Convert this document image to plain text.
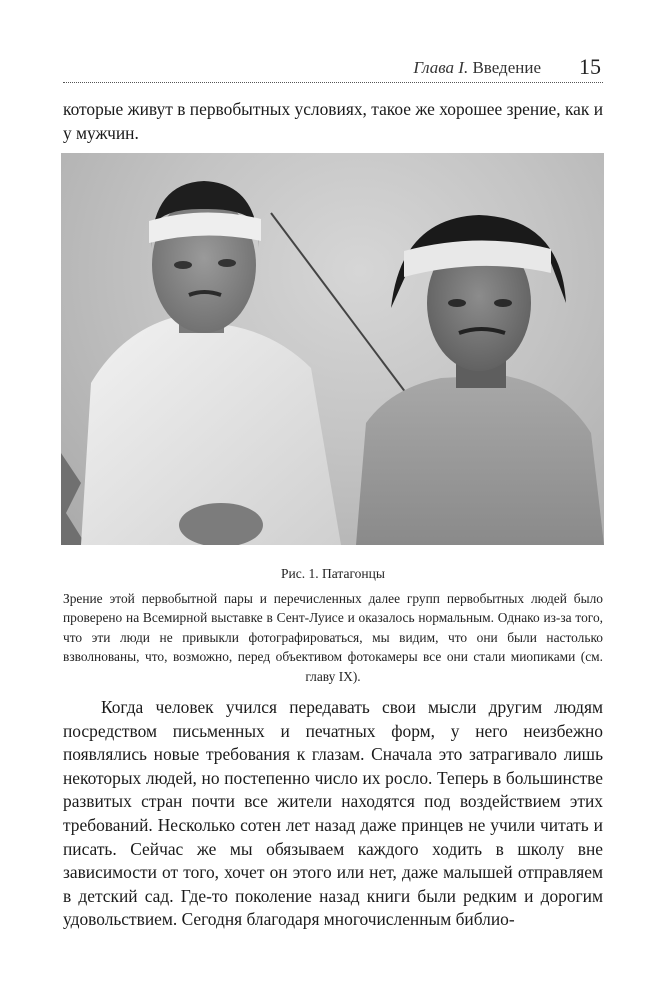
Глава I. Введение 15

которые живут в первобытных условиях, такое же хорошее зрение, как и у мужчин.

Рис. 1. Патагонцы

Зрение этой первобытной пары и перечисленных далее групп первобытных людей было проверено на Всемирной выставке в Сент-Луисе и оказалось нормальным. Однако из-за того, что эти люди не привыкли фотографироваться, мы видим, что они были настолько взволнованы, что, возможно, перед объективом фотокамеры все они стали миопиками (см. главу IX).

Когда человек учился передавать свои мысли другим людям посредством письменных и печатных форм, у него неизбежно появлялись новые требования к глазам. Сначала это затрагивало лишь некоторых людей, но постепенно число их росло. Теперь в большинстве развитых стран почти все жители находятся под воздействием этих требований. Несколько сотен лет назад даже принцев не учили читать и писать. Сейчас же мы обязываем каждого ходить в школу вне зависимости от того, хочет он этого или нет, даже малышей отправляем в детский сад. Где-то поколение назад книги были редким и дорогим удовольствием. Сегодня благодаря многочисленным библио-
